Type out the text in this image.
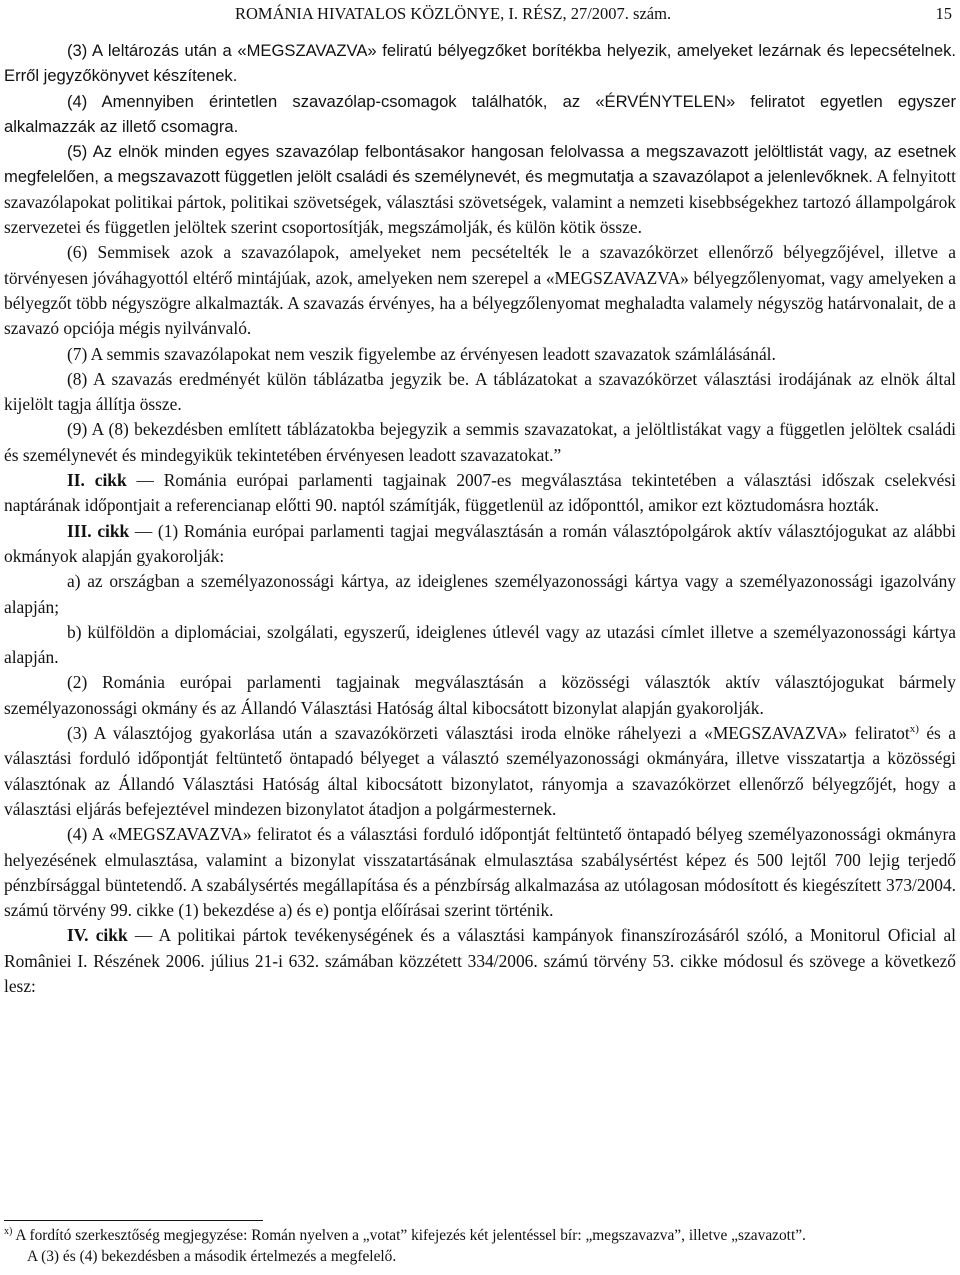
ROMÁNIA HIVATALOS KÖZLÖNYE, I. RÉSZ, 27/2007. szám.	15

(3) A leltározás után a «MEGSZAVAZVA» feliratú bélyegzőket borítékba helyezik, amelyeket lezárnak és lepecsételnek. Erről jegyzőkönyvet készítenek.

(4) Amennyiben érintetlen szavazólap-csomagok találhatók, az «ÉRVÉNYTELEN» feliratot egyetlen egyszer alkalmazzák az illető csomagra.

(5) Az elnök minden egyes szavazólap felbontásakor hangosan felolvassa a megszavazott jelöltlistát vagy, az esetnek megfelelően, a megszavazott független jelölt családi és személynevét, és megmutatja a szavazólapot a jelenlevőknek. A felnyitott szavazólapokat politikai pártok, politikai szövetségek, választási szövetségek, valamint a nemzeti kisebbségekhez tartozó állampolgárok szervezetei és független jelöltek szerint csoportosítják, megszámolják, és külön kötik össze.

(6) Semmisek azok a szavazólapok, amelyeket nem pecsételték le a szavazókörzet ellenőrző bélyegzőjével, illetve a törvényesen jóváhagyottól eltérő mintájúak, azok, amelyeken nem szerepel a «MEGSZAVAZVA» bélyegzőlenyomat, vagy amelyeken a bélyegzőt több négyszögre alkalmazták. A szavazás érvényes, ha a bélyegzőlenyomat meghaladta valamely négyszög határvonalait, de a szavazó opciója mégis nyilvánvaló.

(7) A semmis szavazólapokat nem veszik figyelembe az érvényesen leadott szavazatok számlálásánál.

(8) A szavazás eredményét külön táblázatba jegyzik be. A táblázatokat a szavazókörzet választási irodájának az elnök által kijelölt tagja állítja össze.

(9) A (8) bekezdésben említett táblázatokba bejegyzik a semmis szavazatokat, a jelöltlistákat vagy a független jelöltek családi és személynevét és mindegyikük tekintetében érvényesen leadott szavazatokat.”

II. cikk — Románia európai parlamenti tagjainak 2007-es megválasztása tekintetében a választási időszak cselekvési naptárának időpontjait a referencianap előtti 90. naptól számítják, függetlenül az időponttól, amikor ezt köztudomásra hozták.

III. cikk — (1) Románia európai parlamenti tagjai megválasztásán a román választópolgárok aktív választójogukat az alábbi okmányok alapján gyakorolják:

a) az országban a személyazonossági kártya, az ideiglenes személyazonossági kártya vagy a személyazonossági igazolvány alapján;

b) külföldön a diplomáciai, szolgálati, egyszerű, ideiglenes útlevél vagy az utazási címlet illetve a személyazonossági kártya alapján.

(2) Románia európai parlamenti tagjainak megválasztásán a közösségi választók aktív választójogukat bármely személyazonossági okmány és az Állandó Választási Hatóság által kibocsátott bizonylat alapján gyakorolják.

(3) A választójog gyakorlása után a szavazókörzeti választási iroda elnöke ráhelyezi a «MEGSZAVAZVA» feliratot$^{x)}$ és a választási forduló időpontját feltüntető öntapadó bélyeget a választó személyazonossági okmányára, illetve visszatartja a közösségi választónak az Állandó Választási Hatóság által kibocsátott bizonylatot, rányomja a szavazókörzet ellenőrző bélyegzőjét, hogy a választási eljárás befejeztével mindezen bizonylatot átadjon a polgármesternek.

(4) A «MEGSZAVAZVA» feliratot és a választási forduló időpontját feltüntető öntapadó bélyeg személyazonossági okmányra helyezésének elmulasztása, valamint a bizonylat visszatartásának elmulasztása szabálysértést képez és 500 lejtől 700 lejig terjedő pénzbírsággal büntetendő. A szabálysértés megállapítása és a pénzbírság alkalmazása az utólagosan módosított és kiegészített 373/2004. számú törvény 99. cikke (1) bekezdése a) és e) pontja előírásai szerint történik.

IV. cikk — A politikai pártok tevékenységének és a választási kampányok finanszírozásáról szóló, a Monitorul Oficial al României I. Részének 2006. július 21-i 632. számában közzétett 334/2006. számú törvény 53. cikke módosul és szövege a következő lesz:

$^{x)}$ A fordító szerkesztőség megjegyzése: Román nyelven a „votat” kifejezés két jelentéssel bír: „megszavazva”, illetve „szavazott”.

A (3) és (4) bekezdésben a második értelmezés a megfelelő.
